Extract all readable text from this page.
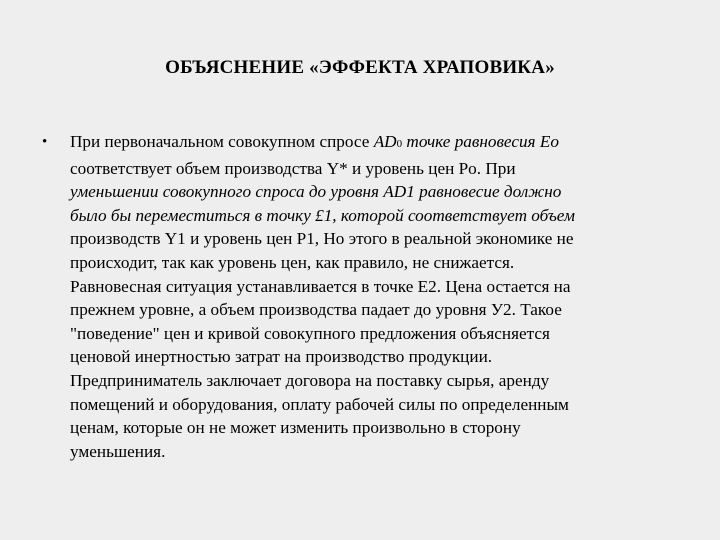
ОБЪЯСНЕНИЕ «ЭФФЕКТА ХРАПОВИКА»
• При первоначальном совокупном спросе AD0 точке равновесия Eo
соответствует объем производства Y* и уровень цен Po. При
уменьшении совокупного спроса до уровня AD1 равновесие должно
было бы переместиться в точку £1, которой соответствует объем
производств Y1 и уровень цен Р1, Но этого в реальной экономике не
происходит, так как уровень цен, как правило, не снижается.
Равновесная ситуация устанавливается в точке Е2. Цена остается на
прежнем уровне, а объем производства падает до уровня У2. Такое
"поведение" цен и кривой совокупного предложения объясняется
ценовой инертностью затрат на производство продукции.
Предприниматель заключает договора на поставку сырья, аренду
помещений и оборудования, оплату рабочей силы по определенным
ценам, которые он не может изменить произвольно в сторону
уменьшения.
